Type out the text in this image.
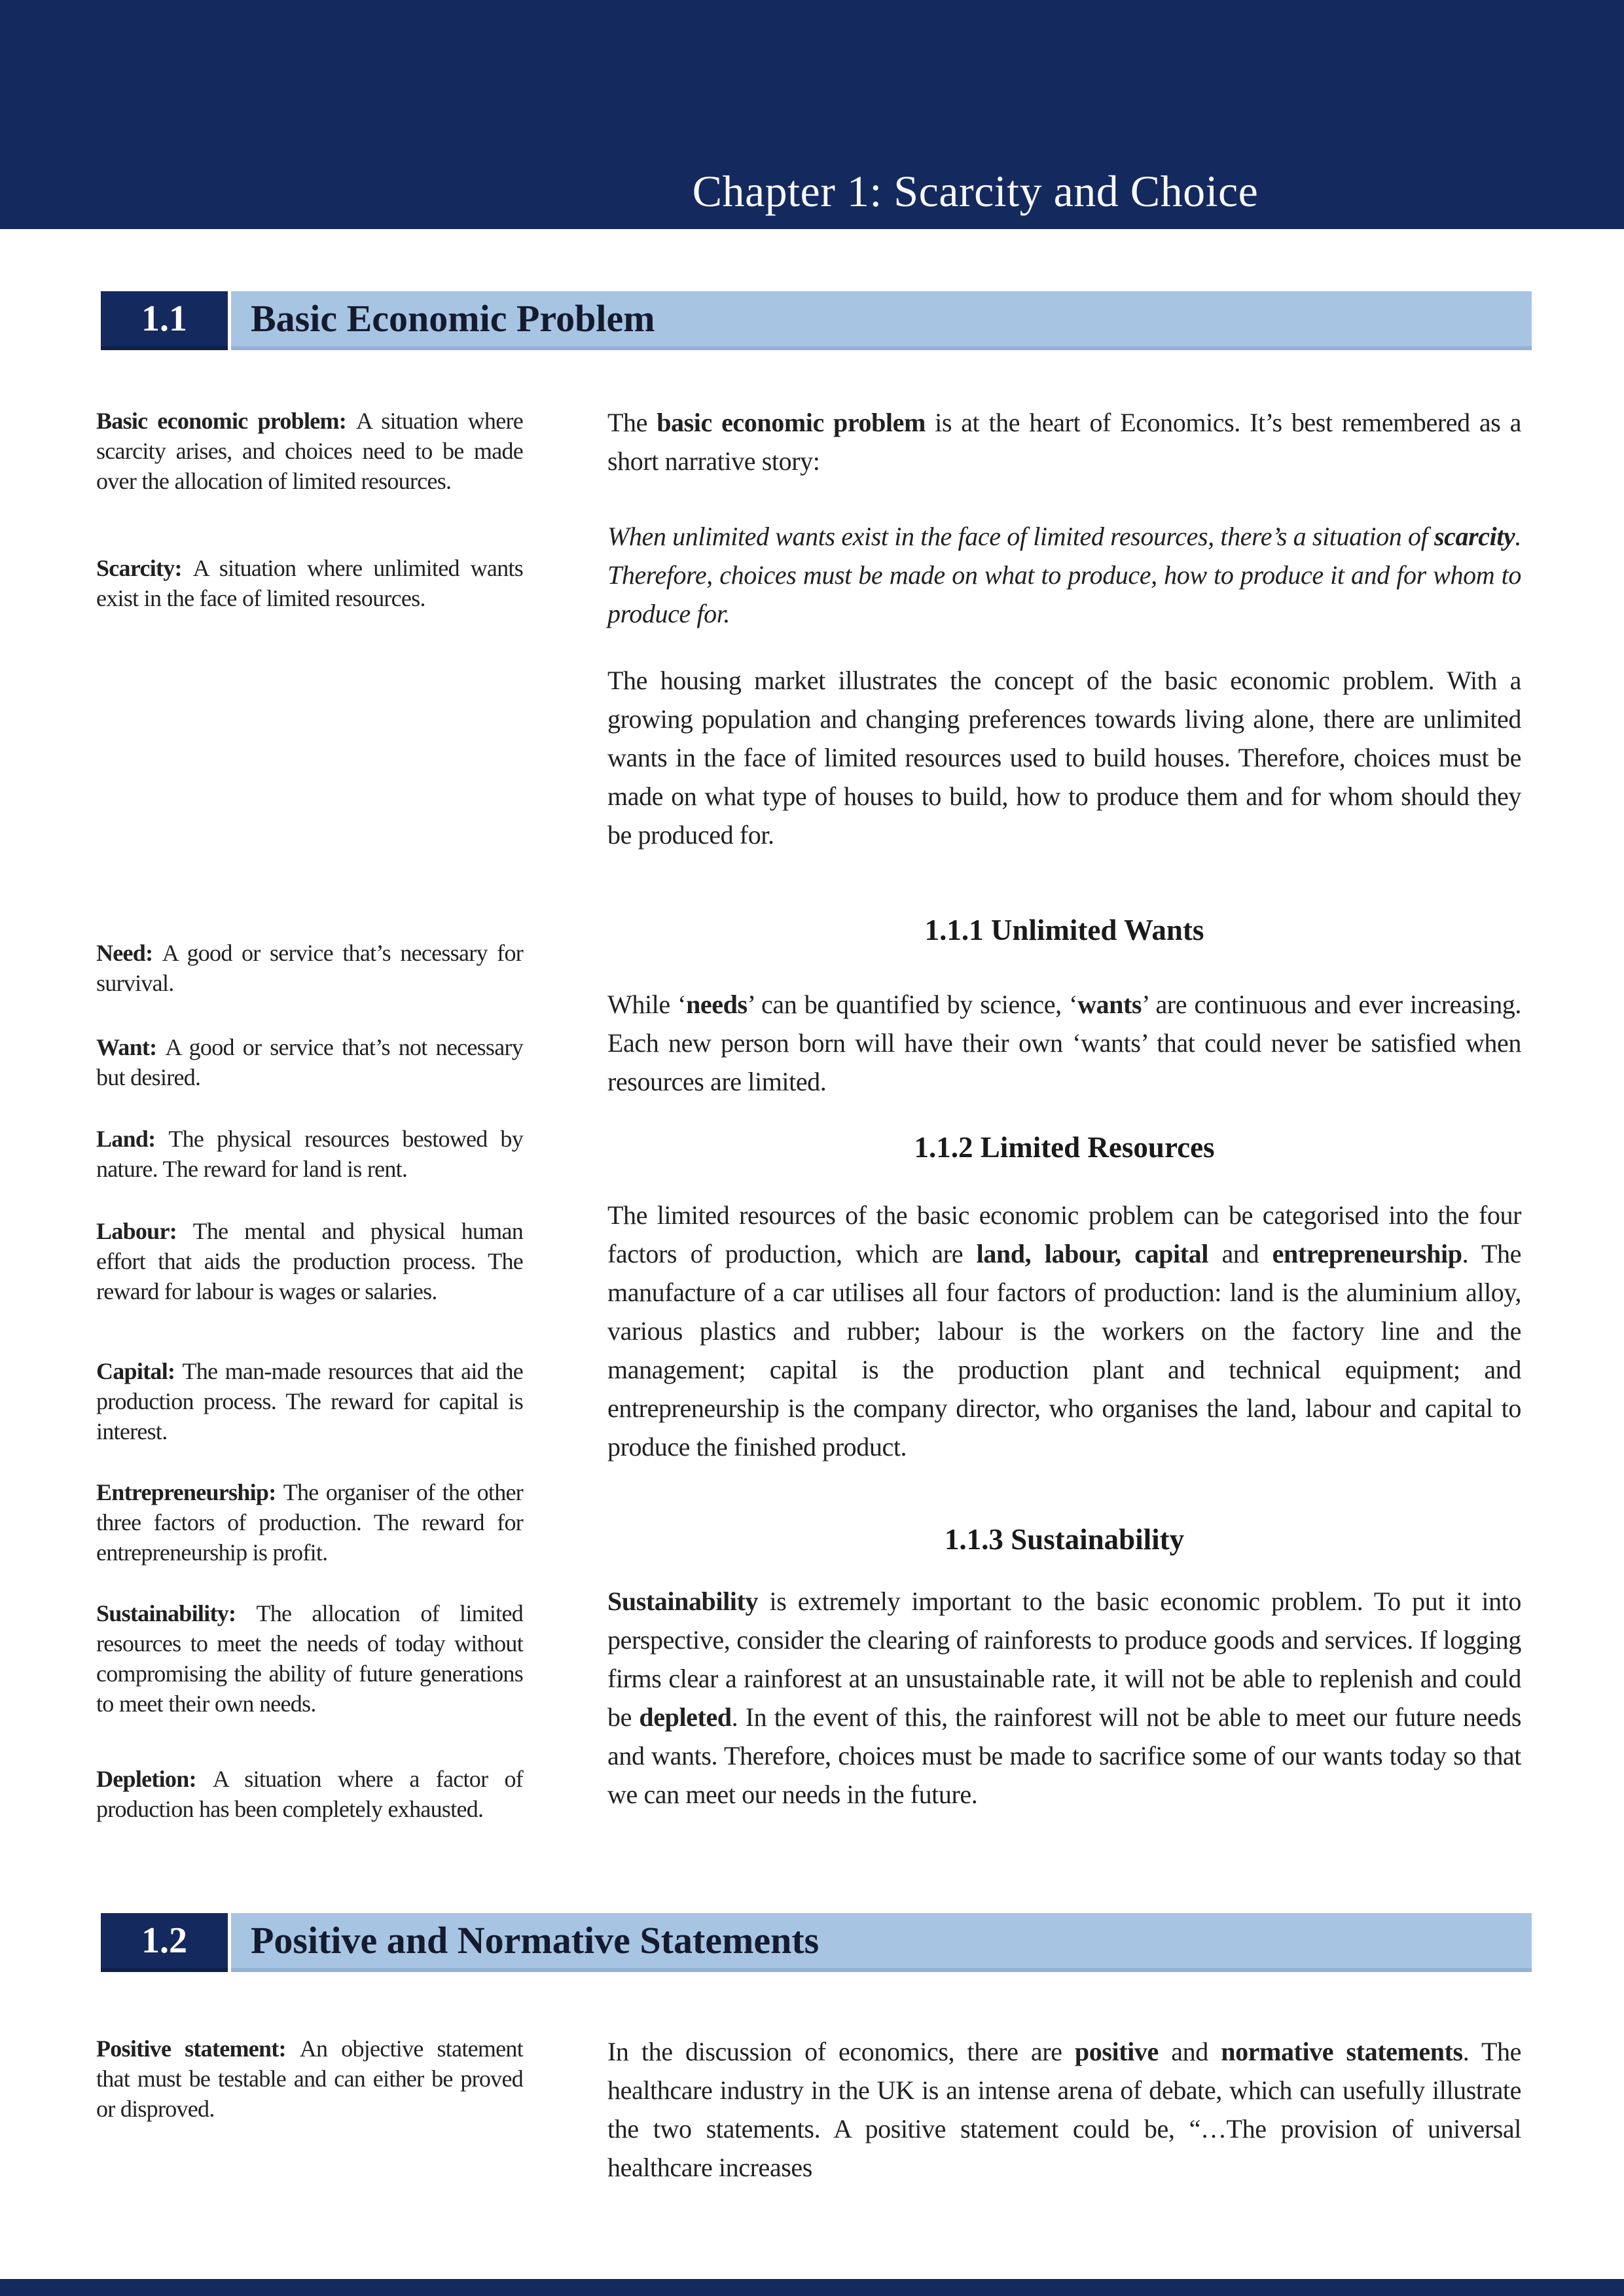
Chapter 1: Scarcity and Choice
1.1	Basic Economic Problem
Basic economic problem: A situation where scarcity arises, and choices need to be made over the allocation of limited resources.
Scarcity: A situation where unlimited wants exist in the face of limited resources.
Need: A good or service that’s necessary for survival.
Want: A good or service that’s not necessary but desired.
Land: The physical resources bestowed by nature. The reward for land is rent.
Labour: The mental and physical human effort that aids the production process. The reward for labour is wages or salaries.
Capital: The man-made resources that aid the production process. The reward for capital is interest.
Entrepreneurship: The organiser of the other three factors of production. The reward for entrepreneurship is profit.
Sustainability: The allocation of limited resources to meet the needs of today without compromising the ability of future generations to meet their own needs.
Depletion: A situation where a factor of production has been completely exhausted.
Positive statement: An objective statement that must be testable and can either be proved or disproved.
The basic economic problem is at the heart of Economics. It’s best remembered as a short narrative story:
When unlimited wants exist in the face of limited resources, there’s a situation of scarcity. Therefore, choices must be made on what to produce, how to produce it and for whom to produce for.
The housing market illustrates the concept of the basic economic problem. With a growing population and changing preferences towards living alone, there are unlimited wants in the face of limited resources used to build houses. Therefore, choices must be made on what type of houses to build, how to produce them and for whom should they be produced for.
1.1.1 Unlimited Wants
While ‘needs’ can be quantified by science, ‘wants’ are continuous and ever increasing. Each new person born will have their own ‘wants’ that could never be satisfied when resources are limited.
1.1.2 Limited Resources
The limited resources of the basic economic problem can be categorised into the four factors of production, which are land, labour, capital and entrepreneurship. The manufacture of a car utilises all four factors of production: land is the aluminium alloy, various plastics and rubber; labour is the workers on the factory line and the management; capital is the production plant and technical equipment; and entrepreneurship is the company director, who organises the land, labour and capital to produce the finished product.
1.1.3 Sustainability
Sustainability is extremely important to the basic economic problem. To put it into perspective, consider the clearing of rainforests to produce goods and services. If logging firms clear a rainforest at an unsustainable rate, it will not be able to replenish and could be depleted. In the event of this, the rainforest will not be able to meet our future needs and wants. Therefore, choices must be made to sacrifice some of our wants today so that we can meet our needs in the future.
1.2	Positive and Normative Statements
In the discussion of economics, there are positive and normative statements. The healthcare industry in the UK is an intense arena of debate, which can usefully illustrate the two statements. A positive statement could be, “…The provision of universal healthcare increases
